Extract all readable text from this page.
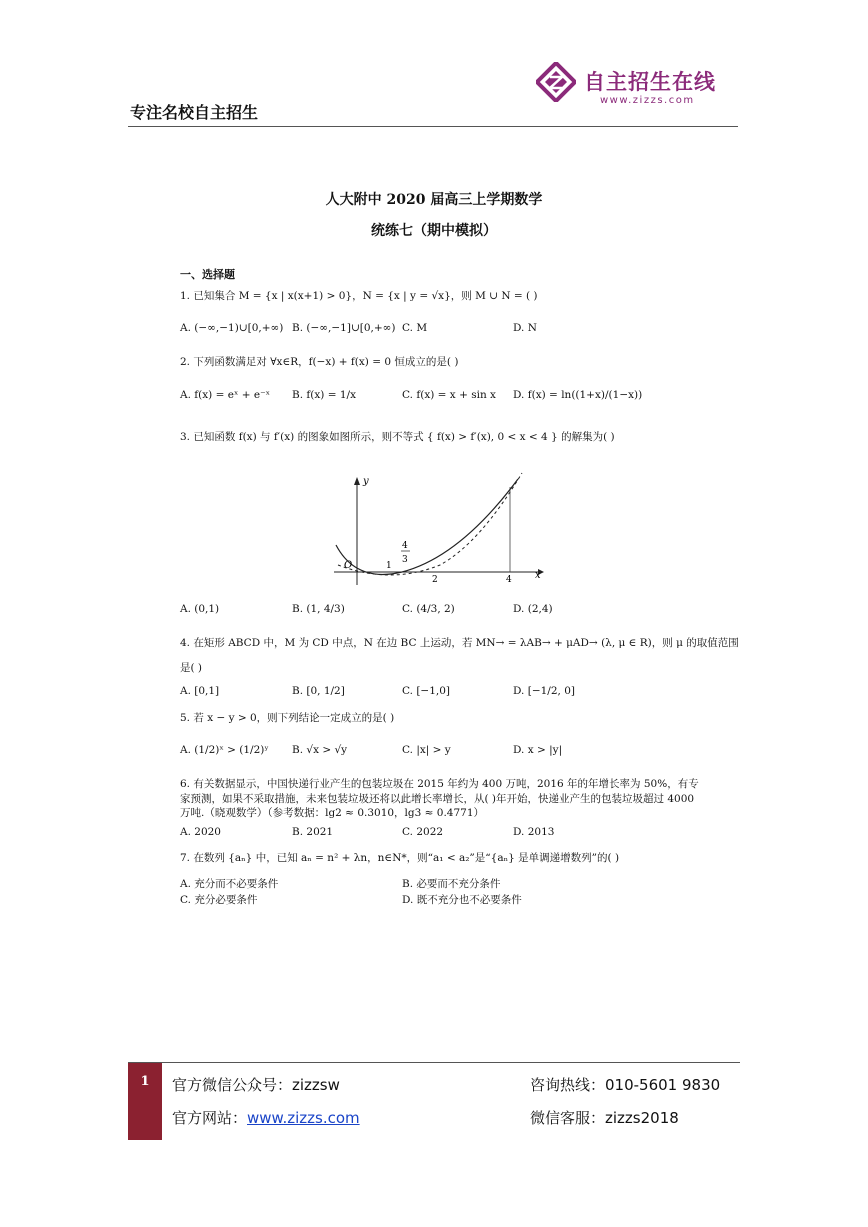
专注名校自主招生
自主招生在线
www.zizzs.com
人大附中 2020 届高三上学期数学
统练七（期中模拟）
一、选择题
1. 已知集合 M = {x | x(x+1) > 0}，N = {x | y = √x}，则 M ∪ N = ( )
A. (−∞,−1)∪[0,+∞) B. (−∞,−1]∪[0,+∞) C. M	D. N
2. 下列函数满足对 ∀x∈R，f(−x) + f(x) = 0 恒成立的是( )
A. f(x) = eˣ + e⁻ˣ B. f(x) = 1/x	C. f(x) = x + sin x D. f(x) = ln((1+x)/(1−x))
3. 已知函数 f(x) 与 f′(x) 的图象如图所示，则不等式 { f(x) > f′(x), 0 < x < 4 } 的解集为( )
y
x
O	1
4
3
2	4
A. (0,1)	B. (1, 4/3)	C. (4/3, 2)	D. (2,4)
4. 在矩形 ABCD 中，M 为 CD 中点，N 在边 BC 上运动，若 MN→ = λAB→ + μAD→ (λ, μ ∈ R)，则 μ 的取值范围
是( )
A. [0,1]	B. [0, 1/2]	C. [−1,0]	D. [−1/2, 0]
5. 若 x − y > 0，则下列结论一定成立的是( )
A. (1/2)ˣ > (1/2)ʸ B. √x > √y	C. |x| > y	D. x > |y|
6. 有关数据显示，中国快递行业产生的包装垃圾在 2015 年约为 400 万吨，2016 年的年增长率为 50%，有专家预测，如果不采取措施，未来包装垃圾还将以此增长率增长，从( )年开始，快递业产生的包装垃圾超过 4000 万吨.（晓观数学）（参考数据：lg2 ≈ 0.3010，lg3 ≈ 0.4771）
A. 2020	B. 2021	C. 2022	D. 2013
7. 在数列 {aₙ} 中，已知 aₙ = n² + λn，n∈N*，则“a₁ < a₂”是“{aₙ} 是单调递增数列”的( )
A. 充分而不必要条件	B. 必要而不充分条件
C. 充分必要条件	D. 既不充分也不必要条件
1	官方微信公众号：zizzsw	咨询热线：010-5601 9830
官方网站：www.zizzs.com	微信客服：zizzs2018
